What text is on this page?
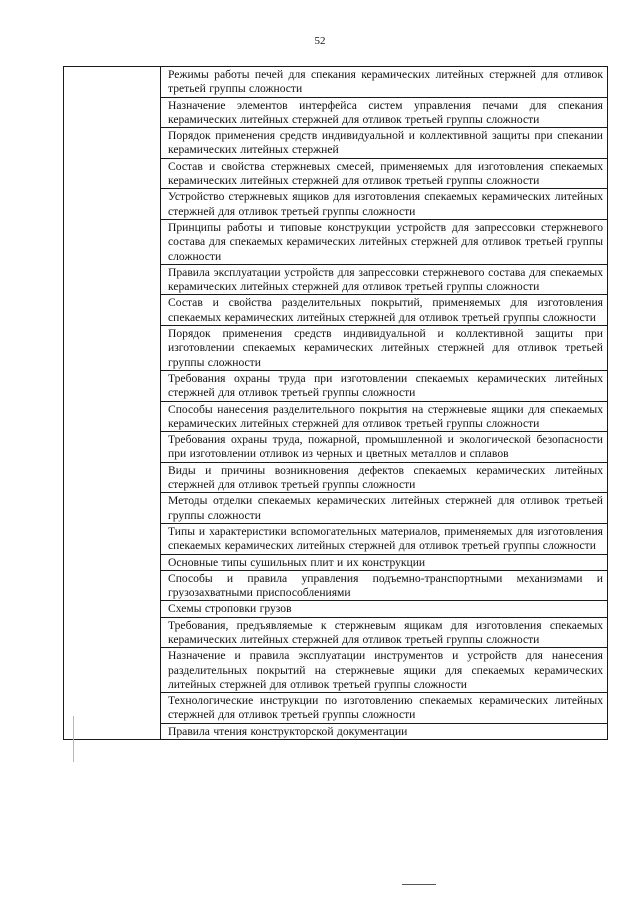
52

Режимы работы печей для спекания керамических литейных стержней для отливок третьей группы сложности

Назначение элементов интерфейса систем управления печами для спекания керамических литейных стержней для отливок третьей группы сложности

Порядок применения средств индивидуальной и коллективной защиты при спекании керамических литейных стержней

Состав и свойства стержневых смесей, применяемых для изготовления спекаемых керамических литейных стержней для отливок третьей группы сложности

Устройство стержневых ящиков для изготовления спекаемых керамических литейных стержней для отливок третьей группы сложности

Принципы работы и типовые конструкции устройств для запрессовки стержневого состава для спекаемых керамических литейных стержней для отливок третьей группы сложности

Правила эксплуатации устройств для запрессовки стержневого состава для спекаемых керамических литейных стержней для отливок третьей группы сложности

Состав и свойства разделительных покрытий, применяемых для изготовления спекаемых керамических литейных стержней для отливок третьей группы сложности

Порядок применения средств индивидуальной и коллективной защиты при изготовлении спекаемых керамических литейных стержней для отливок третьей группы сложности

Требования охраны труда при изготовлении спекаемых керамических литейных стержней для отливок третьей группы сложности

Способы нанесения разделительного покрытия на стержневые ящики для спекаемых керамических литейных стержней для отливок третьей группы сложности

Требования охраны труда, пожарной, промышленной и экологической безопасности при изготовлении отливок из черных и цветных металлов и сплавов

Виды и причины возникновения дефектов спекаемых керамических литейных стержней для отливок третьей группы сложности

Методы отделки спекаемых керамических литейных стержней для отливок третьей группы сложности

Типы и характеристики вспомогательных материалов, применяемых для изготовления спекаемых керамических литейных стержней для отливок третьей группы сложности

Основные типы сушильных плит и их конструкции

Способы и правила управления подъемно-транспортными механизмами и грузозахватными приспособлениями

Схемы строповки грузов

Требования, предъявляемые к стержневым ящикам для изготовления спекаемых керамических литейных стержней для отливок третьей группы сложности

Назначение и правила эксплуатации инструментов и устройств для нанесения разделительных покрытий на стержневые ящики для спекаемых керамических литейных стержней для отливок третьей группы сложности

Технологические инструкции по изготовлению спекаемых керамических литейных стержней для отливок третьей группы сложности

Правила чтения конструкторской документации
